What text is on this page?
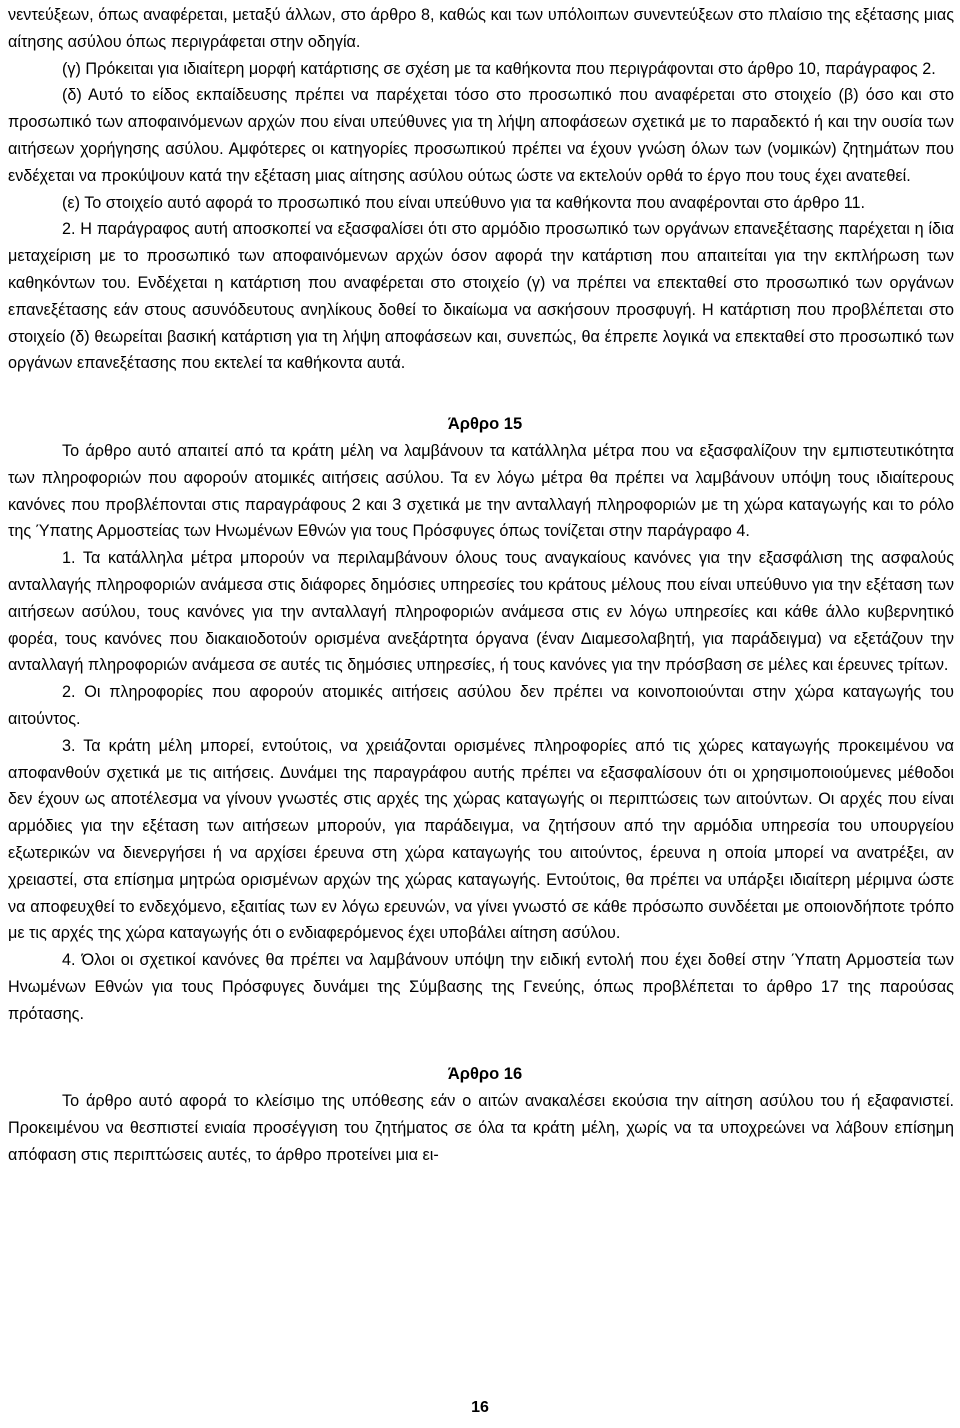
νεντεύξεων, όπως αναφέρεται, μεταξύ άλλων, στο άρθρο 8, καθώς και των υπόλοιπων συνεντεύξεων στο πλαίσιο της εξέτασης μιας αίτησης ασύλου όπως περιγράφεται στην οδηγία.

(γ) Πρόκειται για ιδιαίτερη μορφή κατάρτισης σε σχέση με τα καθήκοντα που περιγράφονται στο άρθρο 10, παράγραφος 2.

(δ) Αυτό το είδος εκπαίδευσης πρέπει να παρέχεται τόσο στο προσωπικό που αναφέρεται στο στοιχείο (β) όσο και στο προσωπικό των αποφαινόμενων αρχών που είναι υπεύθυνες για τη λήψη αποφάσεων σχετικά με το παραδεκτό ή και την ουσία των αιτήσεων χορήγησης ασύλου. Αμφότερες οι κατηγορίες προσωπικού πρέπει να έχουν γνώση όλων των (νομικών) ζητημάτων που ενδέχεται να προκύψουν κατά την εξέταση μιας αίτησης ασύλου ούτως ώστε να εκτελούν ορθά το έργο που τους έχει ανατεθεί.

(ε) Το στοιχείο αυτό αφορά το προσωπικό που είναι υπεύθυνο για τα καθήκοντα που αναφέρονται στο άρθρο 11.

2. Η παράγραφος αυτή αποσκοπεί να εξασφαλίσει ότι στο αρμόδιο προσωπικό των οργάνων επανεξέτασης παρέχεται η ίδια μεταχείριση με το προσωπικό των αποφαινόμενων αρχών όσον αφορά την κατάρτιση που απαιτείται για την εκπλήρωση των καθηκόντων του. Ενδέχεται η κατάρτιση που αναφέρεται στο στοιχείο (γ) να πρέπει να επεκταθεί στο προσωπικό των οργάνων επανεξέτασης εάν στους ασυνόδευτους ανηλίκους δοθεί το δικαίωμα να ασκήσουν προσφυγή. Η κατάρτιση που προβλέπεται στο στοιχείο (δ) θεωρείται βασική κατάρτιση για τη λήψη αποφάσεων και, συνεπώς, θα έπρεπε λογικά να επεκταθεί στο προσωπικό των οργάνων επανεξέτασης που εκτελεί τα καθήκοντα αυτά.

Άρθρο 15

Το άρθρο αυτό απαιτεί από τα κράτη μέλη να λαμβάνουν τα κατάλληλα μέτρα που να εξασφαλίζουν την εμπιστευτικότητα των πληροφοριών που αφορούν ατομικές αιτήσεις ασύλου. Τα εν λόγω μέτρα θα πρέπει να λαμβάνουν υπόψη τους ιδιαίτερους κανόνες που προβλέπονται στις παραγράφους 2 και 3 σχετικά με την ανταλλαγή πληροφοριών με τη χώρα καταγωγής και το ρόλο της Ύπατης Αρμοστείας των Ηνωμένων Εθνών για τους Πρόσφυγες όπως τονίζεται στην παράγραφο 4.

1. Τα κατάλληλα μέτρα μπορούν να περιλαμβάνουν όλους τους αναγκαίους κανόνες για την εξασφάλιση της ασφαλούς ανταλλαγής πληροφοριών ανάμεσα στις διάφορες δημόσιες υπηρεσίες του κράτους μέλους που είναι υπεύθυνο για την εξέταση των αιτήσεων ασύλου, τους κανόνες για την ανταλλαγή πληροφοριών ανάμεσα στις εν λόγω υπηρεσίες και κάθε άλλο κυβερνητικό φορέα, τους κανόνες που διακαιοδοτούν ορισμένα ανεξάρτητα όργανα (έναν Διαμεσολαβητή, για παράδειγμα) να εξετάζουν την ανταλλαγή πληροφοριών ανάμεσα σε αυτές τις δημόσιες υπηρεσίες, ή τους κανόνες για την πρόσβαση σε μέλες και έρευνες τρίτων.

2. Οι πληροφορίες που αφορούν ατομικές αιτήσεις ασύλου δεν πρέπει να κοινοποιούνται στην χώρα καταγωγής του αιτούντος.

3. Τα κράτη μέλη μπορεί, εντούτοις, να χρειάζονται ορισμένες πληροφορίες από τις χώρες καταγωγής προκειμένου να αποφανθούν σχετικά με τις αιτήσεις. Δυνάμει της παραγράφου αυτής πρέπει να εξασφαλίσουν ότι οι χρησιμοποιούμενες μέθοδοι δεν έχουν ως αποτέλεσμα να γίνουν γνωστές στις αρχές της χώρας καταγωγής οι περιπτώσεις των αιτούντων. Οι αρχές που είναι αρμόδιες για την εξέταση των αιτήσεων μπορούν, για παράδειγμα, να ζητήσουν από την αρμόδια υπηρεσία του υπουργείου εξωτερικών να διενεργήσει ή να αρχίσει έρευνα στη χώρα καταγωγής του αιτούντος, έρευνα η οποία μπορεί να ανατρέξει, αν χρειαστεί, στα επίσημα μητρώα ορισμένων αρχών της χώρας καταγωγής. Εντούτοις, θα πρέπει να υπάρξει ιδιαίτερη μέριμνα ώστε να αποφευχθεί το ενδεχόμενο, εξαιτίας των εν λόγω ερευνών, να γίνει γνωστό σε κάθε πρόσωπο συνδέεται με οποιονδήποτε τρόπο με τις αρχές της χώρα καταγωγής ότι ο ενδιαφερόμενος έχει υποβάλει αίτηση ασύλου.

4. Όλοι οι σχετικοί κανόνες θα πρέπει να λαμβάνουν υπόψη την ειδική εντολή που έχει δοθεί στην Ύπατη Αρμοστεία των Ηνωμένων Εθνών για τους Πρόσφυγες δυνάμει της Σύμβασης της Γενεύης, όπως προβλέπεται το άρθρο 17 της παρούσας πρότασης.

Άρθρο 16

Το άρθρο αυτό αφορά το κλείσιμο της υπόθεσης εάν ο αιτών ανακαλέσει εκούσια την αίτηση ασύλου του ή εξαφανιστεί. Προκειμένου να θεσπιστεί ενιαία προσέγγιση του ζητήματος σε όλα τα κράτη μέλη, χωρίς να τα υποχρεώνει να λάβουν επίσημη απόφαση στις περιπτώσεις αυτές, το άρθρο προτείνει μια ει-

16
